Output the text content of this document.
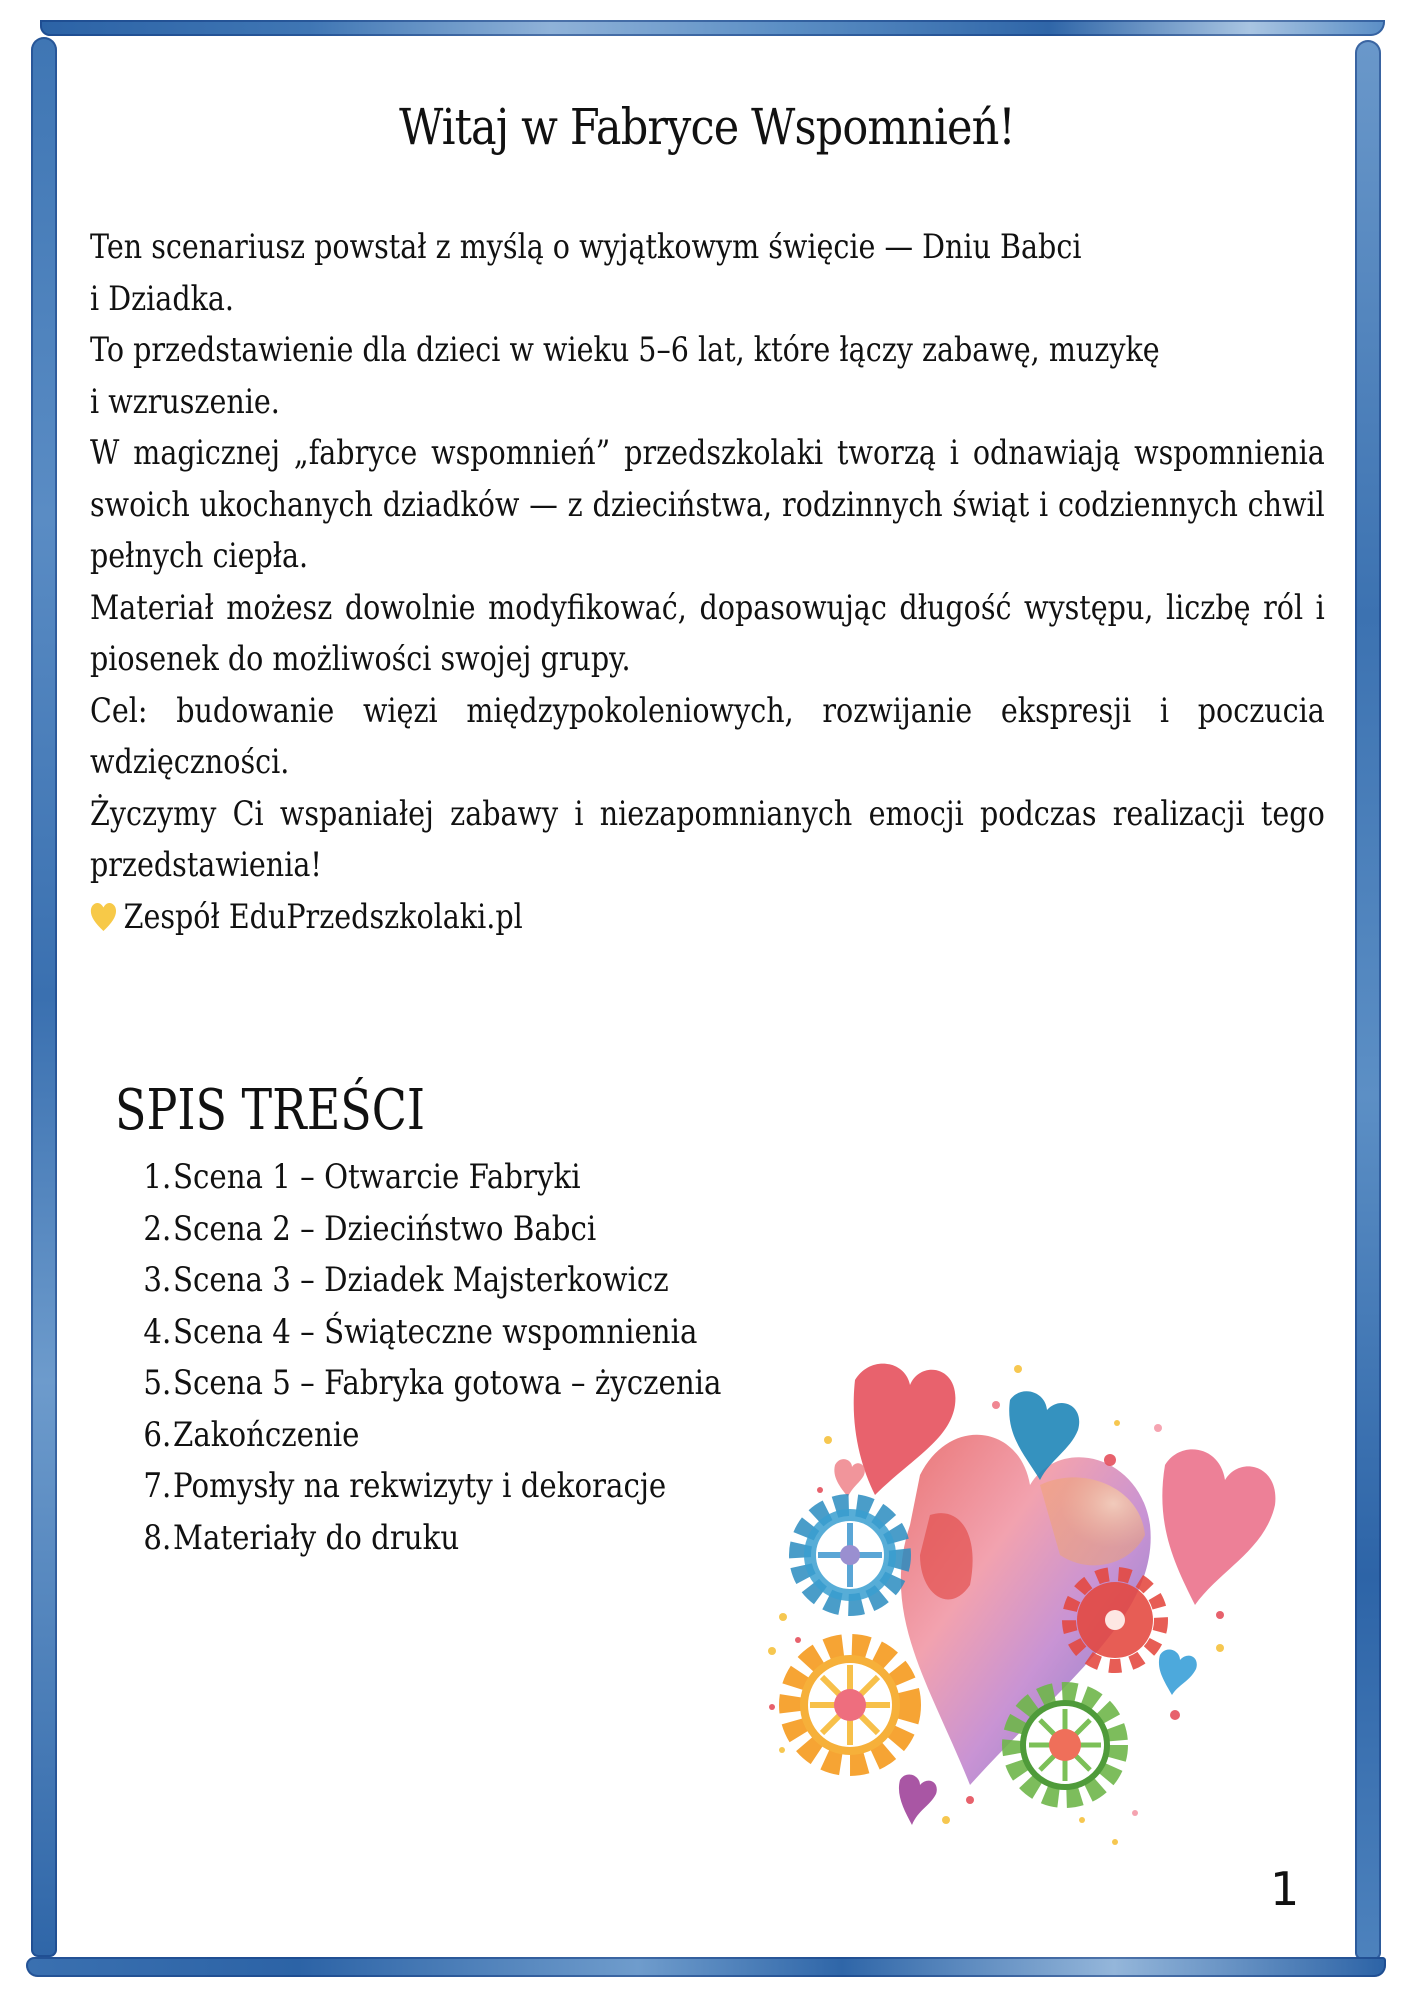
Witaj w Fabryce Wspomnień!

Ten scenariusz powstał z myślą o wyjątkowym święcie — Dniu Babci

i Dziadka.

To przedstawienie dla dzieci w wieku 5–6 lat, które łączy zabawę, muzykę

i wzruszenie.

W magicznej „fabryce wspomnień” przedszkolaki tworzą i odnawiają wspomnienia swoich ukochanych dziadków — z dzieciństwa, rodzinnych świąt i codziennych chwil pełnych ciepła.

Materiał możesz dowolnie modyfikować, dopasowując długość występu, liczbę ról i piosenek do możliwości swojej grupy.

Cel: budowanie więzi międzypokoleniowych, rozwijanie ekspresji i poczucia wdzięczności.

Życzymy Ci wspaniałej zabawy i niezapomnianych emocji podczas realizacji tego przedstawienia!

Zespół EduPrzedszkolaki.pl

SPIS TREŚCI
1.Scena 1 – Otwarcie Fabryki
2.Scena 2 – Dzieciństwo Babci
3.Scena 3 – Dziadek Majsterkowicz
4.Scena 4 – Świąteczne wspomnienia
5.Scena 5 – Fabryka gotowa – życzenia
6.Zakończenie
7.Pomysły na rekwizyty i dekoracje
8.Materiały do druku
1
